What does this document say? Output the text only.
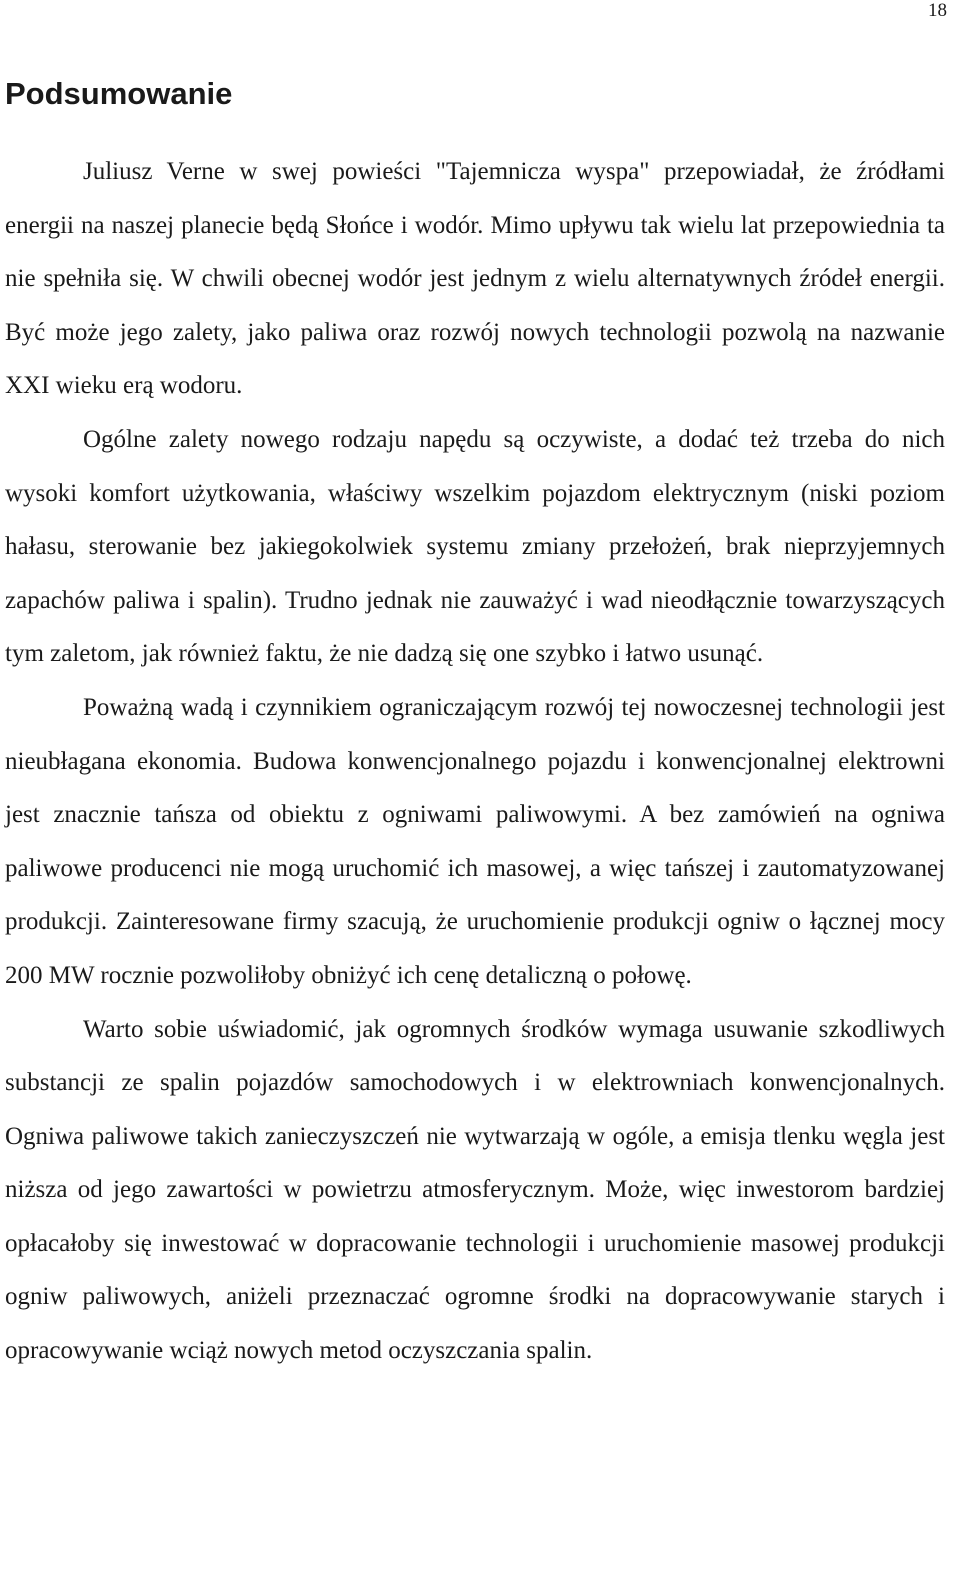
18
Podsumowanie

Juliusz Verne w swej powieści "Tajemnicza wyspa" przepowiadał, że źródłami energii na naszej planecie będą Słońce i wodór. Mimo upływu tak wielu lat przepowiednia ta nie spełniła się. W chwili obecnej wodór jest jednym z wielu alternatywnych źródeł energii. Być może jego zalety, jako paliwa oraz rozwój nowych technologii pozwolą na nazwanie XXI wieku erą wodoru.

Ogólne zalety nowego rodzaju napędu są oczywiste, a dodać też trzeba do nich wysoki komfort użytkowania, właściwy wszelkim pojazdom elektrycznym (niski poziom hałasu, sterowanie bez jakiegokolwiek systemu zmiany przełożeń, brak nieprzyjemnych zapachów paliwa i spalin). Trudno jednak nie zauważyć i wad nieodłącznie towarzyszących tym zaletom, jak również faktu, że nie dadzą się one szybko i łatwo usunąć.

Poważną wadą i czynnikiem ograniczającym rozwój tej nowoczesnej technologii jest nieubłagana ekonomia. Budowa konwencjonalnego pojazdu i konwencjonalnej elektrowni jest znacznie tańsza od obiektu z ogniwami paliwowymi. A bez zamówień na ogniwa paliwowe producenci nie mogą uruchomić ich masowej, a więc tańszej i zautomatyzowanej produkcji. Zainteresowane firmy szacują, że uruchomienie produkcji ogniw o łącznej mocy 200 MW rocznie pozwoliłoby obniżyć ich cenę detaliczną o połowę.

Warto sobie uświadomić, jak ogromnych środków wymaga usuwanie szkodliwych substancji ze spalin pojazdów samochodowych i w elektrowniach konwencjonalnych. Ogniwa paliwowe takich zanieczyszczeń nie wytwarzają w ogóle, a emisja tlenku węgla jest niższa od jego zawartości w powietrzu atmosferycznym. Może, więc inwestorom bardziej opłacałoby się inwestować w dopracowanie technologii i uruchomienie masowej produkcji ogniw paliwowych, aniżeli przeznaczać ogromne środki na dopracowywanie starych i opracowywanie wciąż nowych metod oczyszczania spalin.
